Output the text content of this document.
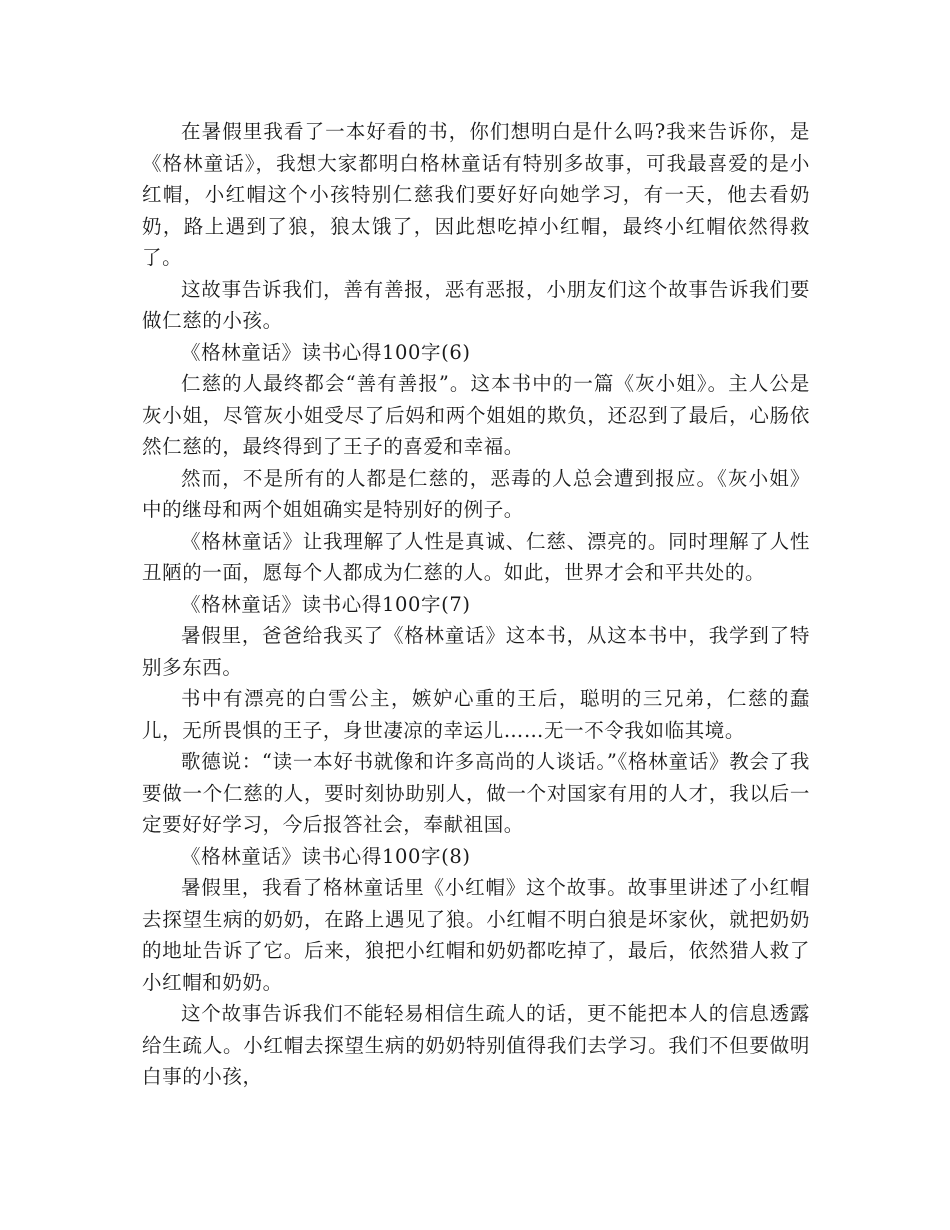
在暑假里我看了一本好看的书，你们想明白是什么吗?我来告诉你，是《格林童话》，我想大家都明白格林童话有特别多故事，可我最喜爱的是小红帽，小红帽这个小孩特别仁慈我们要好好向她学习，有一天，他去看奶奶，路上遇到了狼，狼太饿了，因此想吃掉小红帽，最终小红帽依然得救了。

这故事告诉我们，善有善报，恶有恶报，小朋友们这个故事告诉我们要做仁慈的小孩。

《格林童话》读书心得100字(6)

仁慈的人最终都会“善有善报”。这本书中的一篇《灰小姐》。主人公是灰小姐，尽管灰小姐受尽了后妈和两个姐姐的欺负，还忍到了最后，心肠依然仁慈的，最终得到了王子的喜爱和幸福。

然而，不是所有的人都是仁慈的，恶毒的人总会遭到报应。《灰小姐》中的继母和两个姐姐确实是特别好的例子。

《格林童话》让我理解了人性是真诚、仁慈、漂亮的。同时理解了人性丑陋的一面，愿每个人都成为仁慈的人。如此，世界才会和平共处的。

《格林童话》读书心得100字(7)

暑假里，爸爸给我买了《格林童话》这本书，从这本书中，我学到了特别多东西。

书中有漂亮的白雪公主，嫉妒心重的王后，聪明的三兄弟，仁慈的蠢儿，无所畏惧的王子，身世凄凉的幸运儿……无一不令我如临其境。

歌德说：“读一本好书就像和许多高尚的人谈话。”《格林童话》教会了我要做一个仁慈的人，要时刻协助别人，做一个对国家有用的人才，我以后一定要好好学习，今后报答社会，奉献祖国。

《格林童话》读书心得100字(8)

暑假里，我看了格林童话里《小红帽》这个故事。故事里讲述了小红帽去探望生病的奶奶，在路上遇见了狼。小红帽不明白狼是坏家伙，就把奶奶的地址告诉了它。后来，狼把小红帽和奶奶都吃掉了，最后，依然猎人救了小红帽和奶奶。

这个故事告诉我们不能轻易相信生疏人的话，更不能把本人的信息透露给生疏人。小红帽去探望生病的奶奶特别值得我们去学习。我们不但要做明白事的小孩，
